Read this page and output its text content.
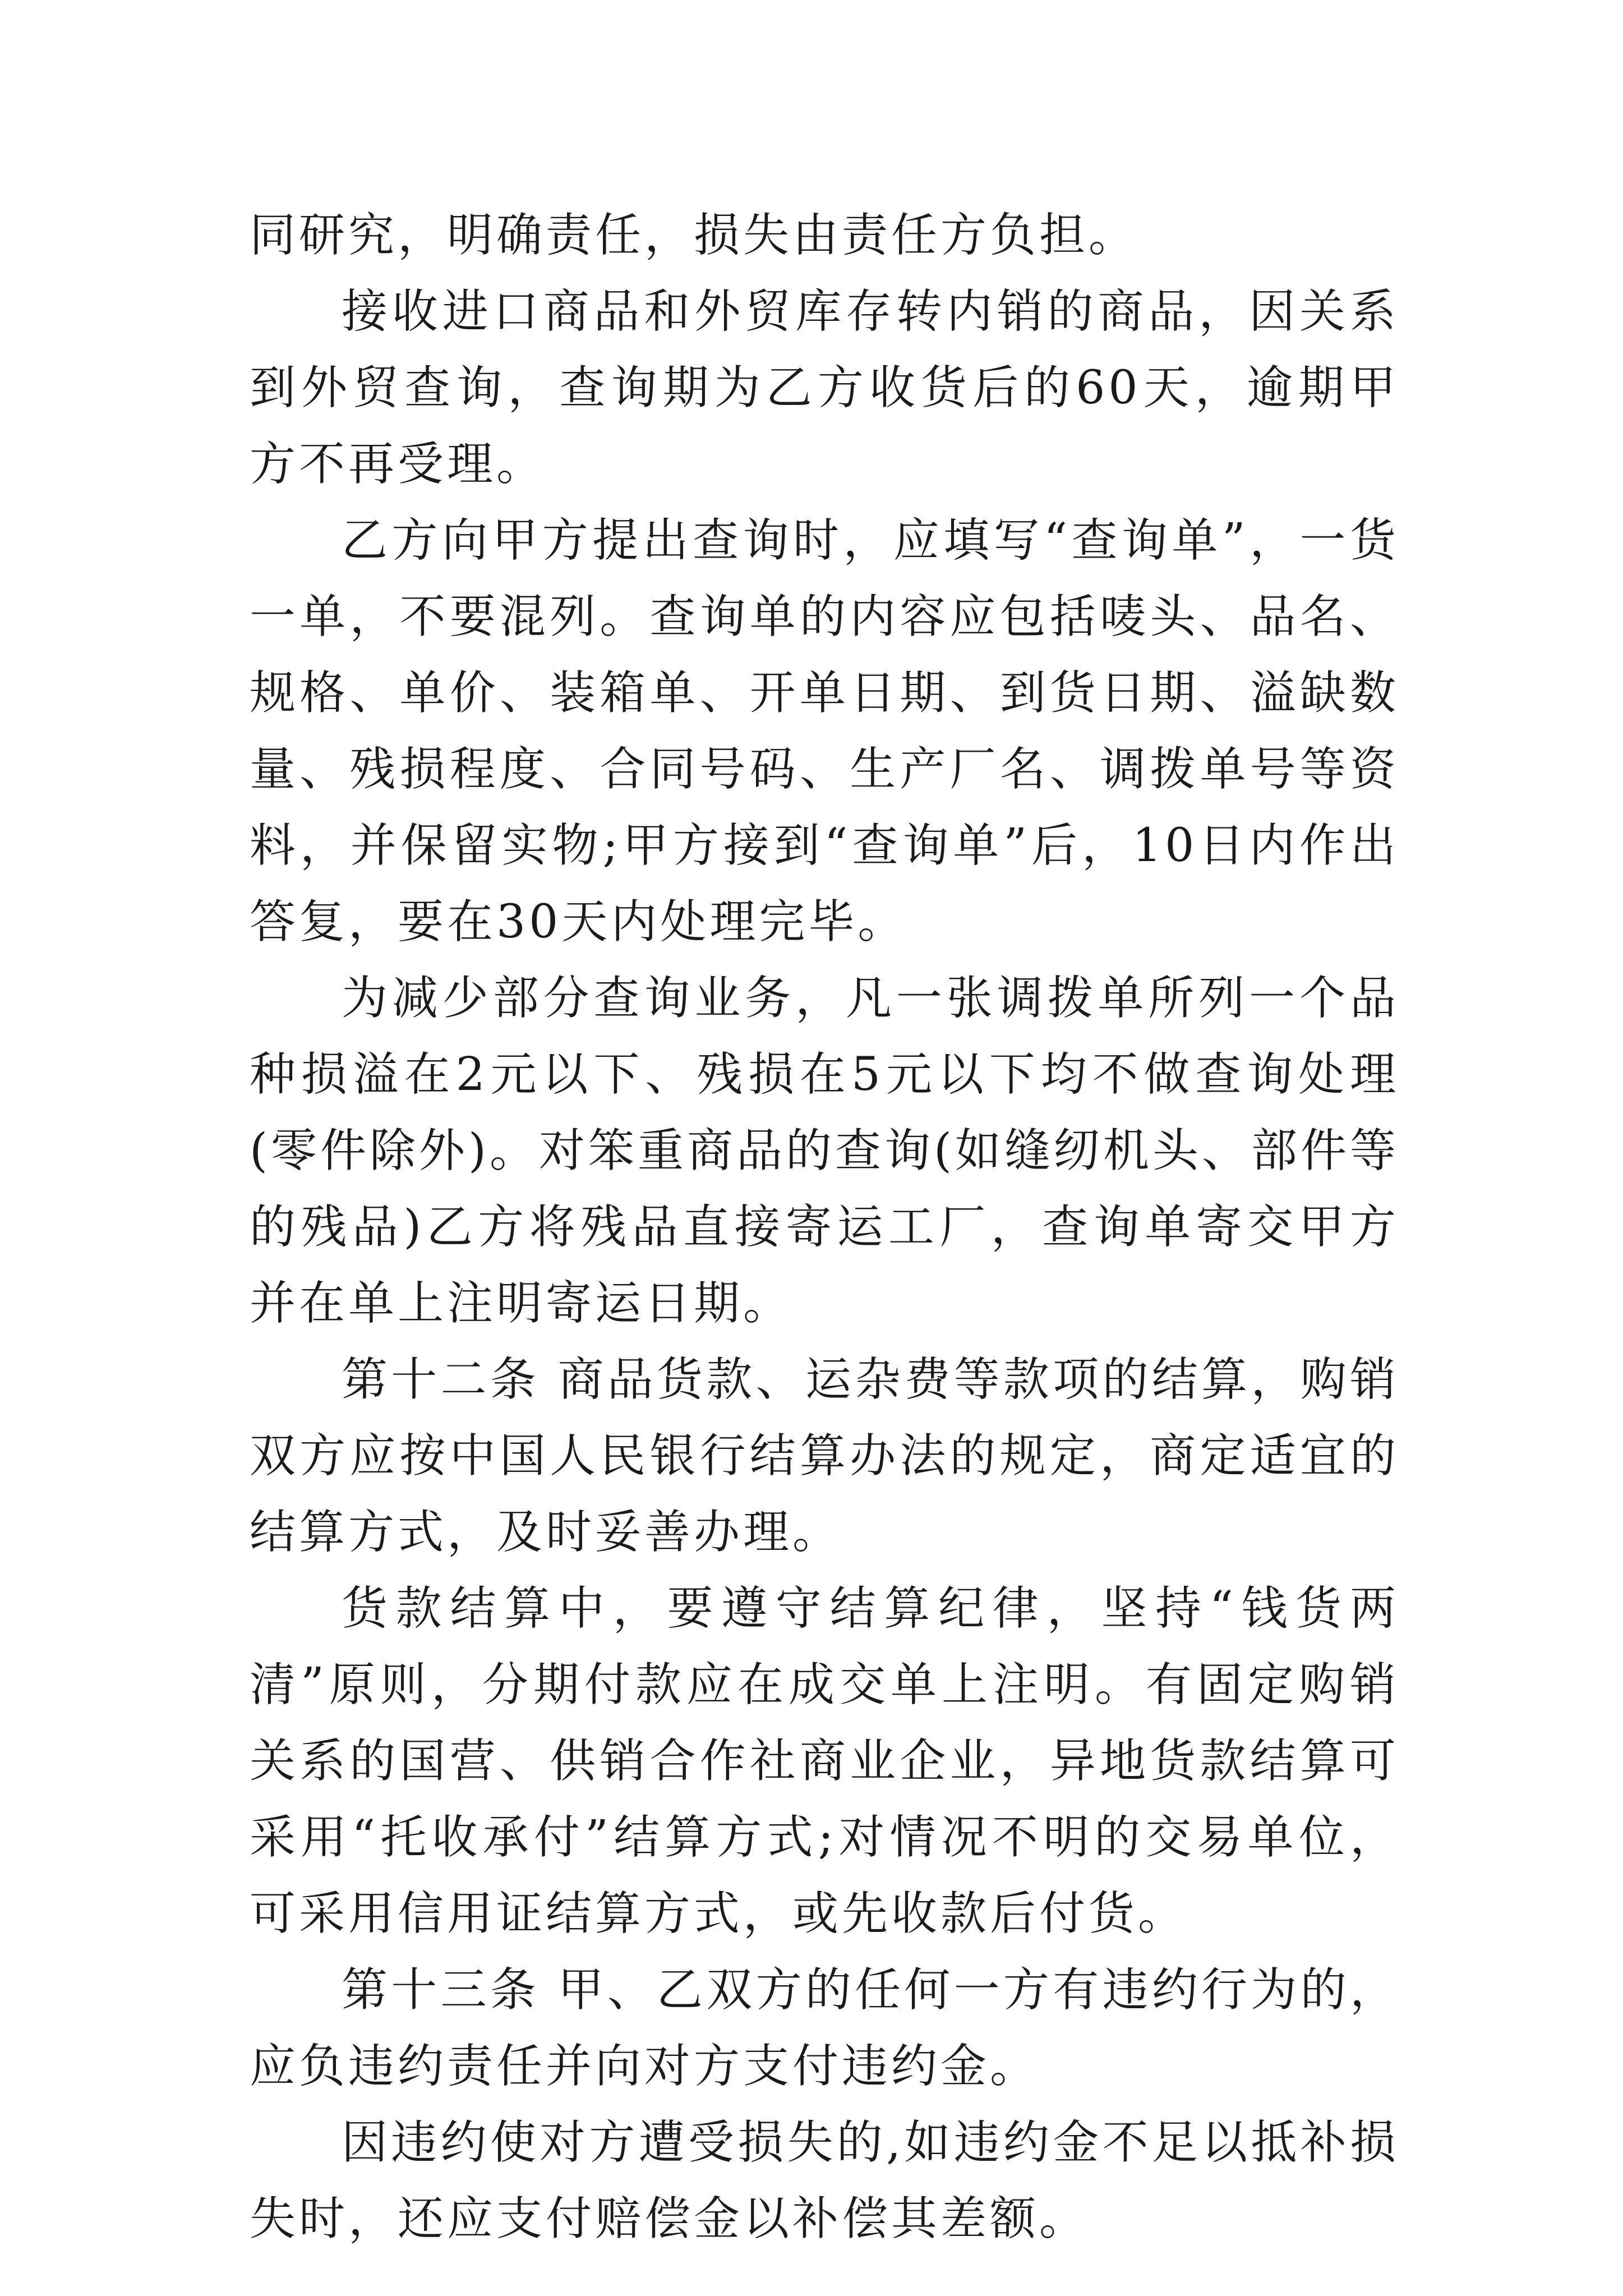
同研究，明确责任，损失由责任方负担。

接收进口商品和外贸库存转内销的商品，因关系到外贸查询，查询期为乙方收货后的60天，逾期甲方不再受理。

乙方向甲方提出查询时，应填写“查询单”，一货一单，不要混列。查询单的内容应包括唛头、品名、规格、单价、装箱单、开单日期、到货日期、溢缺数量、残损程度、合同号码、生产厂名、调拨单号等资料，并保留实物;甲方接到“查询单”后，10日内作出答复，要在30天内处理完毕。

为减少部分查询业务，凡一张调拨单所列一个品种损溢在2元以下、残损在5元以下均不做查询处理(零件除外)。对笨重商品的查询(如缝纫机头、部件等的残品)乙方将残品直接寄运工厂，查询单寄交甲方并在单上注明寄运日期。

第十二条 商品货款、运杂费等款项的结算，购销双方应按中国人民银行结算办法的规定，商定适宜的结算方式，及时妥善办理。

货款结算中，要遵守结算纪律，坚持“钱货两清”原则，分期付款应在成交单上注明。有固定购销关系的国营、供销合作社商业企业，异地货款结算可采用“托收承付”结算方式;对情况不明的交易单位，可采用信用证结算方式，或先收款后付货。

第十三条 甲、乙双方的任何一方有违约行为的，应负违约责任并向对方支付违约金。

因违约使对方遭受损失的,如违约金不足以抵补损失时，还应支付赔偿金以补偿其差额。
